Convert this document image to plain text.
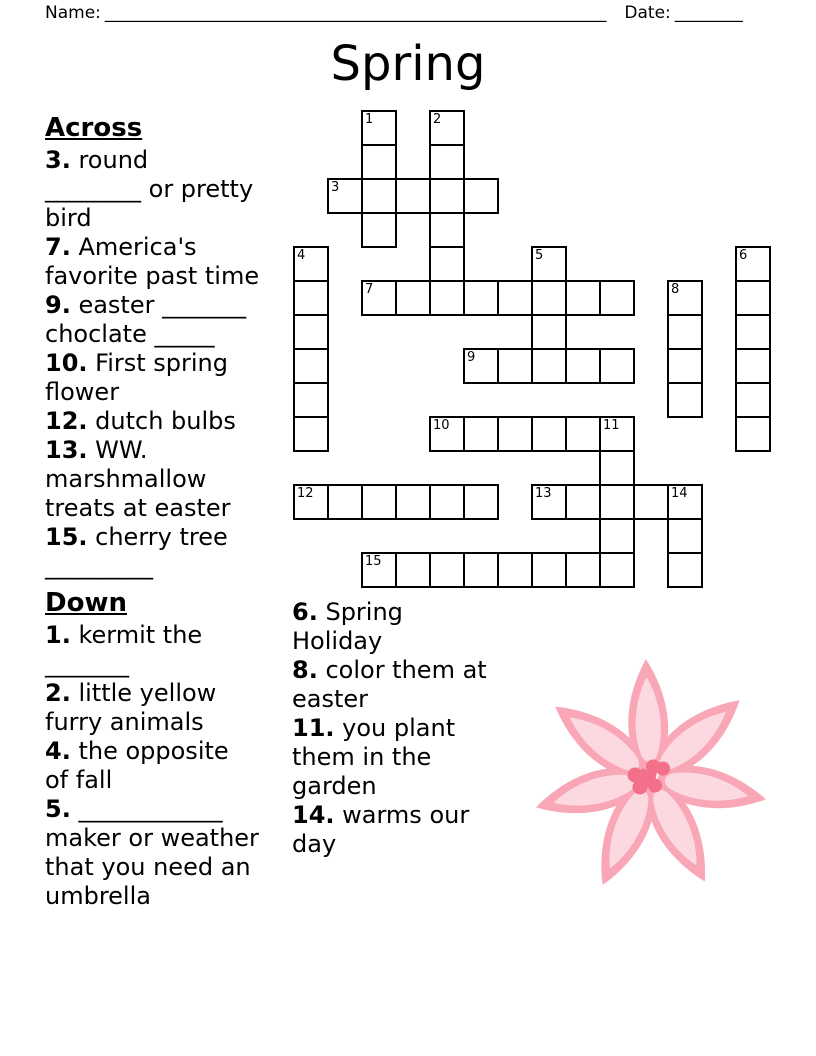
Name: ___________________________________________________________ Date: ________
Spring
1	2
3
4	5	6
7	8
9
10	11
12	13	14
15
Across
3. round
________ or pretty
bird
7. America's
favorite past time
9. easter _______
choclate _____
10. First spring
flower
12. dutch bulbs
13. WW.
marshmallow
treats at easter
15. cherry tree
_________
Down
1. kermit the
_______
2. little yellow
furry animals
4. the opposite
of fall
5. ____________
maker or weather
that you need an
umbrella
6. Spring
Holiday
8. color them at
easter
11. you plant
them in the
garden
14. warms our
day
